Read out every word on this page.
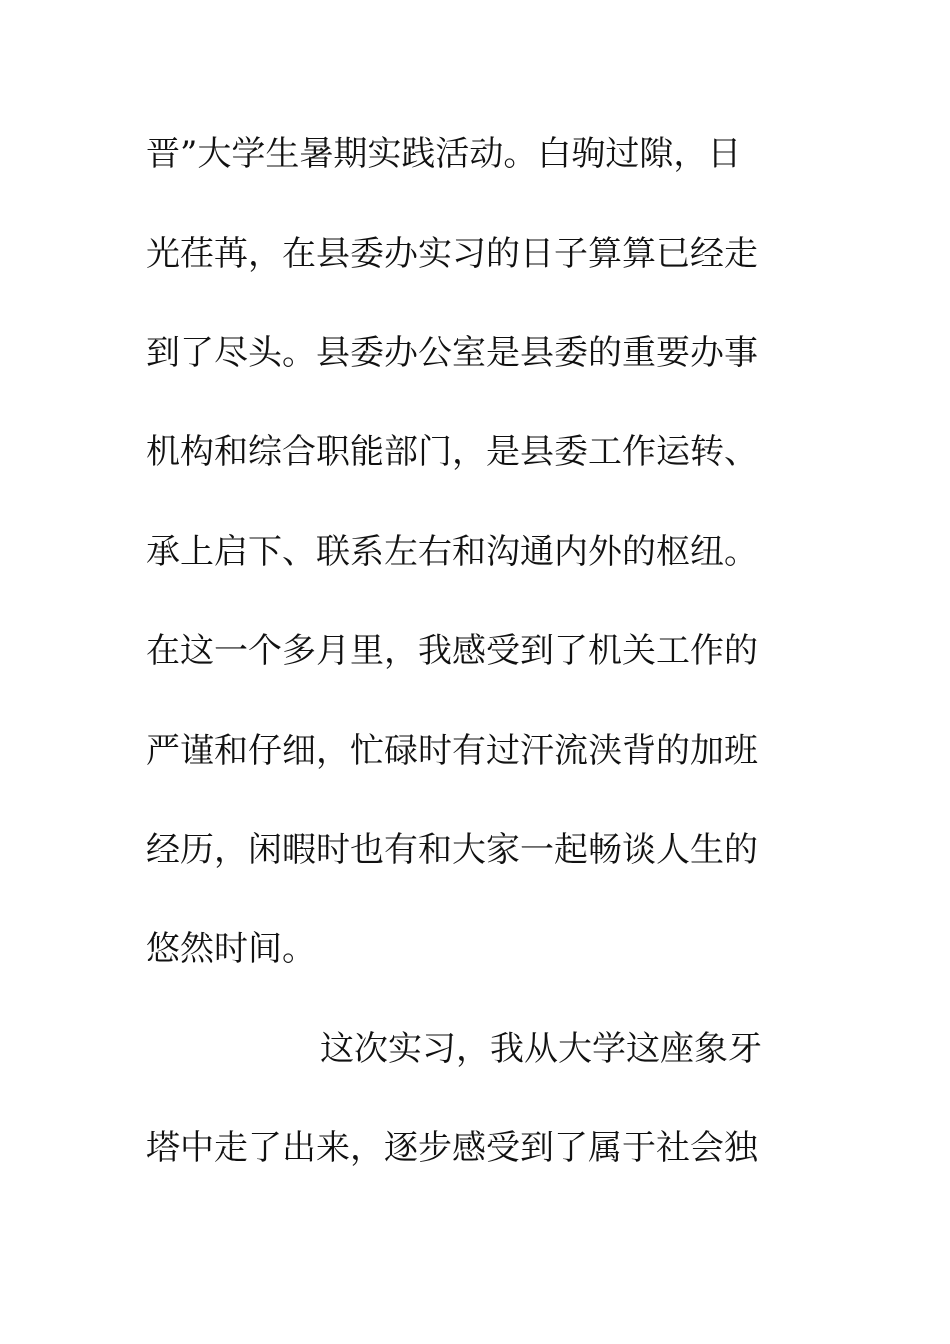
晋”大学生暑期实践活动。白驹过隙，日
光荏苒，在县委办实习的日子算算已经走
到了尽头。县委办公室是县委的重要办事
机构和综合职能部门，是县委工作运转、
承上启下、联系左右和沟通内外的枢纽。
在这一个多月里，我感受到了机关工作的
严谨和仔细，忙碌时有过汗流浃背的加班
经历，闲暇时也有和大家一起畅谈人生的
悠然时间。
这次实习，我从大学这座象牙
塔中走了出来，逐步感受到了属于社会独
